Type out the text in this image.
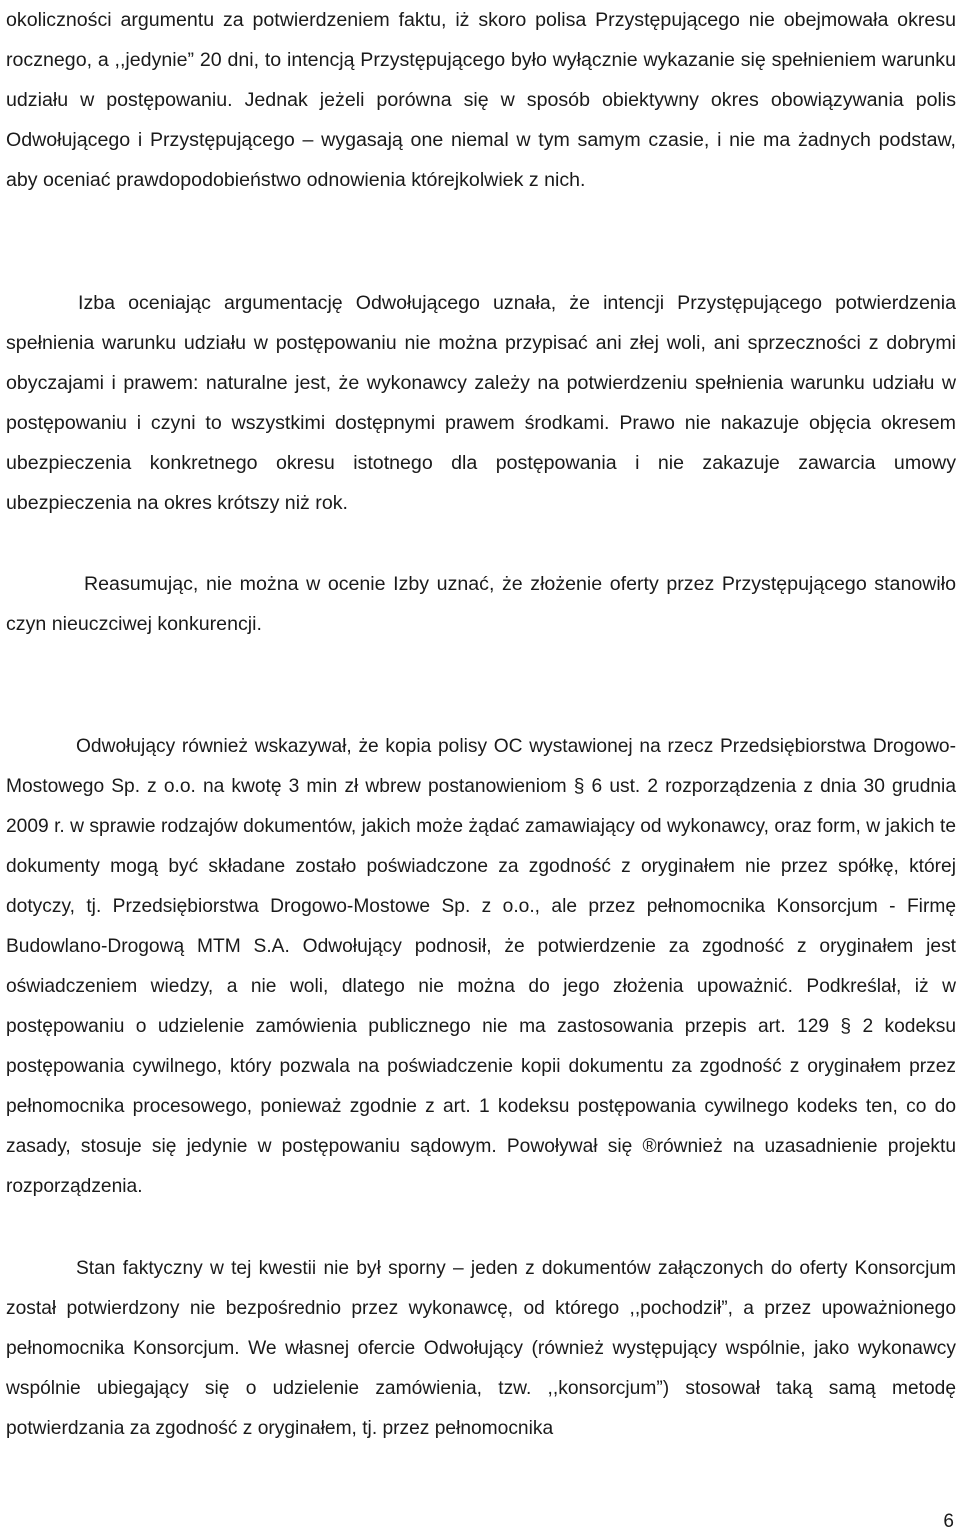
okoliczności argumentu za potwierdzeniem faktu, iż skoro polisa Przystępującego nie obejmowała okresu rocznego, a ,,jedynie” 20 dni, to intencją Przystępującego było wyłącznie wykazanie się spełnieniem warunku udziału w postępowaniu. Jednak jeżeli porówna się w sposób obiektywny okres obowiązywania polis Odwołującego i Przystępującego – wygasają one niemal w tym samym czasie, i nie ma żadnych podstaw, aby oceniać prawdopodobieństwo odnowienia którejkolwiek z nich.

Izba oceniając argumentację Odwołującego uznała, że intencji Przystępującego potwierdzenia spełnienia warunku udziału w postępowaniu nie można przypisać ani złej woli, ani sprzeczności z dobrymi obyczajami i prawem: naturalne jest, że wykonawcy zależy na potwierdzeniu spełnienia warunku udziału w postępowaniu i czyni to wszystkimi dostępnymi prawem środkami. Prawo nie nakazuje objęcia okresem ubezpieczenia konkretnego okresu istotnego dla postępowania i nie zakazuje zawarcia umowy ubezpieczenia na okres krótszy niż rok.

Reasumując, nie można w ocenie Izby uznać, że złożenie oferty przez Przystępującego stanowiło czyn nieuczciwej konkurencji.

Odwołujący również wskazywał, że kopia polisy OC wystawionej na rzecz Przedsiębiorstwa Drogowo-Mostowego Sp. z o.o. na kwotę 3 min zł wbrew postanowieniom § 6 ust. 2 rozporządzenia z dnia 30 grudnia 2009 r. w sprawie rodzajów dokumentów, jakich może żądać zamawiający od wykonawcy, oraz form, w jakich te dokumenty mogą być składane zostało poświadczone za zgodność z oryginałem nie przez spółkę, której dotyczy, tj. Przedsiębiorstwa Drogowo-Mostowe Sp. z o.o., ale przez pełnomocnika Konsorcjum - Firmę Budowlano-Drogową MTM S.A. Odwołujący podnosił, że potwierdzenie za zgodność z oryginałem jest oświadczeniem wiedzy, a nie woli, dlatego nie można do jego złożenia upoważnić. Podkreślał, iż w postępowaniu o udzielenie zamówienia publicznego nie ma zastosowania przepis art. 129 § 2 kodeksu postępowania cywilnego, który pozwala na poświadczenie kopii dokumentu za zgodność z oryginałem przez pełnomocnika procesowego, ponieważ zgodnie z art. 1 kodeksu postępowania cywilnego kodeks ten, co do zasady, stosuje się jedynie w postępowaniu sądowym. Powoływał się ®również na uzasadnienie projektu rozporządzenia.

Stan faktyczny w tej kwestii nie był sporny – jeden z dokumentów załączonych do oferty Konsorcjum został potwierdzony nie bezpośrednio przez wykonawcę, od którego ,,pochodził”, a przez upoważnionego pełnomocnika Konsorcjum. We własnej ofercie Odwołujący (również występujący wspólnie, jako wykonawcy wspólnie ubiegający się o udzielenie zamówienia, tzw. ,,konsorcjum”) stosował taką samą metodę potwierdzania za zgodność z oryginałem, tj. przez pełnomocnika

6
